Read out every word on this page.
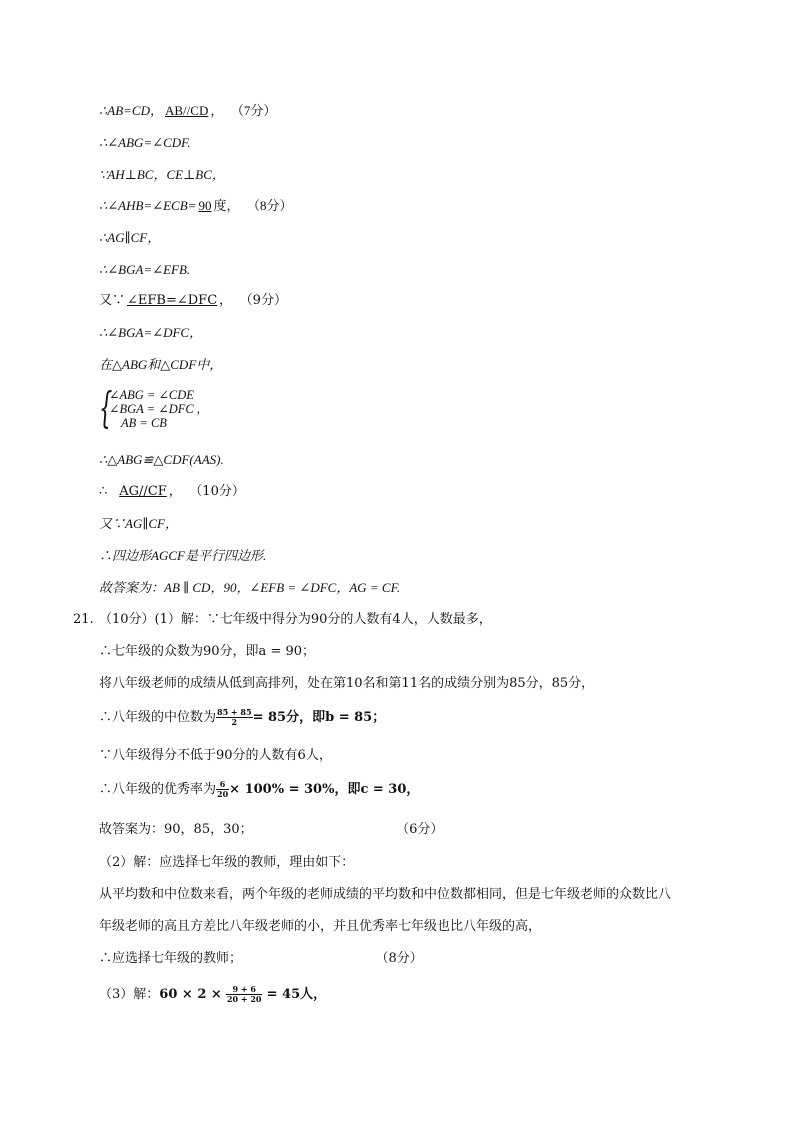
∴AB=CD， AB//CD ， （7分）
∴∠ABG=∠CDF.
∵AH⊥BC，CE⊥BC，
∴∠AHB=∠ECB= 90 度， （8分）
∴AG∥CF，
∴∠BGA=∠EFB.
又∵ ∠EFB=∠DFC ， （9分）
∴∠BGA=∠DFC，
在△ABG和△CDF中，
{
∠ABG = ∠CDE
∠BGA = ∠DFC ,
AB = CB
∴△ABG≌△CDF(AAS).
∴ AG//CF ， （10分）
又∵AG∥CF，
∴四边形AGCF是平行四边形.
故答案为：AB ∥ CD，90，∠EFB = ∠DFC，AG = CF.
21. （10分）(1）解：∵七年级中得分为90分的人数有4人，人数最多，
∴七年级的众数为90分，即a = 90；
将八年级老师的成绩从低到高排列，处在第10名和第11名的成绩分别为85分，85分，
∴八年级的中位数为 $\frac{85 + 85}{2} = 85$分，即b = 85；
∵八年级得分不低于90分的人数有6人，
∴八年级的优秀率为 $\frac{6}{20} \times 100\% = 30\%$，即c = 30，
故答案为：90，85，30；	（6分）
（2）解：应选择七年级的教师，理由如下：
从平均数和中位数来看，两个年级的老师成绩的平均数和中位数都相同，但是七年级老师的众数比八
年级老师的高且方差比八年级老师的小，并且优秀率七年级也比八年级的高，
∴应选择七年级的教师；	（8分）
（3）解：$60 \times 2 \times \frac{9 + 6}{20 + 20} = 45$人，
